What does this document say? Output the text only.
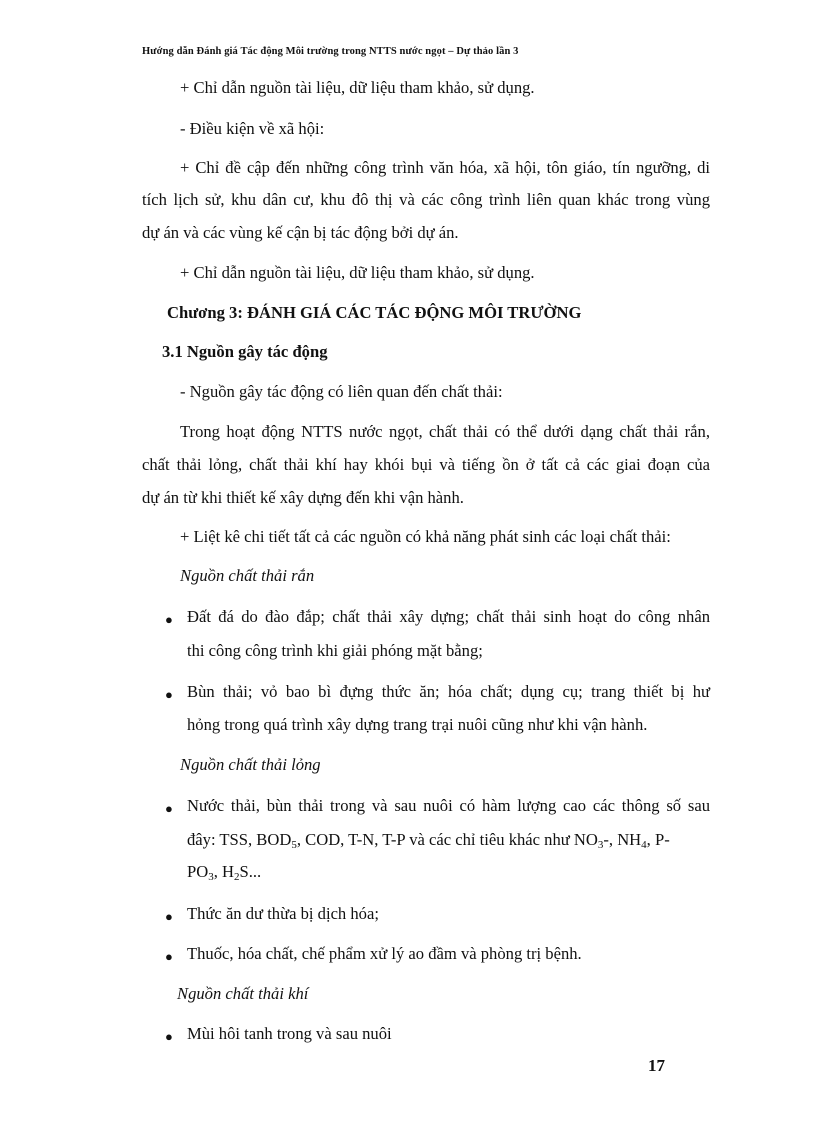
Hướng dẫn Đánh giá Tác động Môi trường trong NTTS nước ngọt – Dự thảo lần 3
+ Chỉ dẫn nguồn tài liệu, dữ liệu tham khảo, sử dụng.
- Điều kiện về xã hội:
+ Chỉ đề cập đến những công trình văn hóa, xã hội, tôn giáo, tín ngưỡng, di
tích lịch sử, khu dân cư, khu đô thị và các công trình liên quan khác trong vùng
dự án và các vùng kế cận bị tác động bởi dự án.
+ Chỉ dẫn nguồn tài liệu, dữ liệu tham khảo, sử dụng.
Chương 3: ĐÁNH GIÁ CÁC TÁC ĐỘNG MÔI TRƯỜNG
3.1 Nguồn gây tác động
- Nguồn gây tác động có liên quan đến chất thải:
Trong hoạt động NTTS nước ngọt, chất thải có thể dưới dạng chất thải rắn,
chất thải lỏng, chất thải khí hay khói bụi và tiếng ồn ở tất cả các giai đoạn của
dự án từ khi thiết kế xây dựng đến khi vận hành.
+ Liệt kê chi tiết tất cả các nguồn có khả năng phát sinh các loại chất thải:
Nguồn chất thải rắn
● Đất đá do đào đắp; chất thải xây dựng; chất thải sinh hoạt do công nhân
thi công công trình khi giải phóng mặt bằng;
● Bùn thải; vỏ bao bì đựng thức ăn; hóa chất; dụng cụ; trang thiết bị hư
hỏng trong quá trình xây dựng trang trại nuôi cũng như khi vận hành.
Nguồn chất thải lỏng
● Nước thải, bùn thải trong và sau nuôi có hàm lượng cao các thông số sau
đây: TSS, $BOD_5$, COD, T-N, T-P và các chỉ tiêu khác như $NO_3-$, $NH_4$, P-
$PO_3$, $H_2S$...
● Thức ăn dư thừa bị dịch hóa;
● Thuốc, hóa chất, chế phẩm xử lý ao đầm và phòng trị bệnh.
Nguồn chất thải khí
● Mùi hôi tanh trong và sau nuôi
17
